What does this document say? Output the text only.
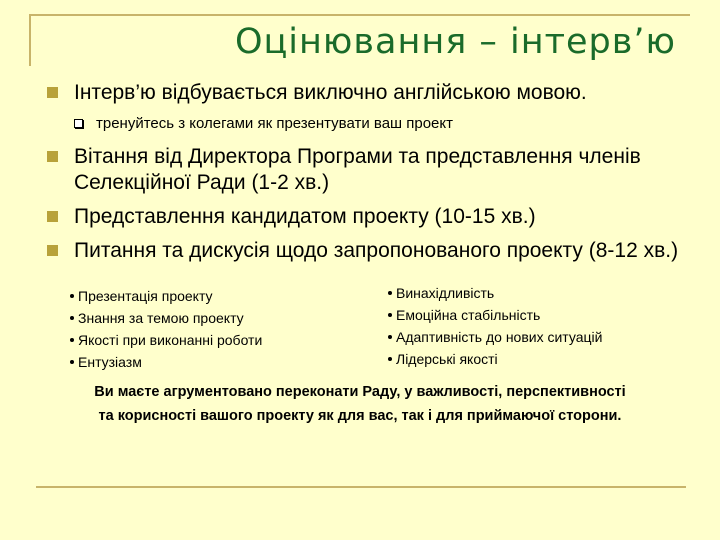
Оцінювання – інтерв’ю
Інтерв’ю відбувається виключно англійською мовою.
тренуйтесь з колегами як презентувати ваш проект
Вітання від Директора Програми та представлення членів Селекційної Ради (1-2 хв.)
Представлення кандидатом проекту (10-15 хв.)
Питання та дискусія щодо запропонованого проекту (8-12 хв.)
Презентація проекту
Знання за темою проекту
Якості при виконанні роботи
Ентузіазм
Винахідливість
Емоційна стабільність
Адаптивність до нових ситуацій
Лідерські якості
Ви маєте агрументовано переконати Раду, у важливості, перспективності
та корисності вашого проекту як для вас, так і для приймаючої сторони.
